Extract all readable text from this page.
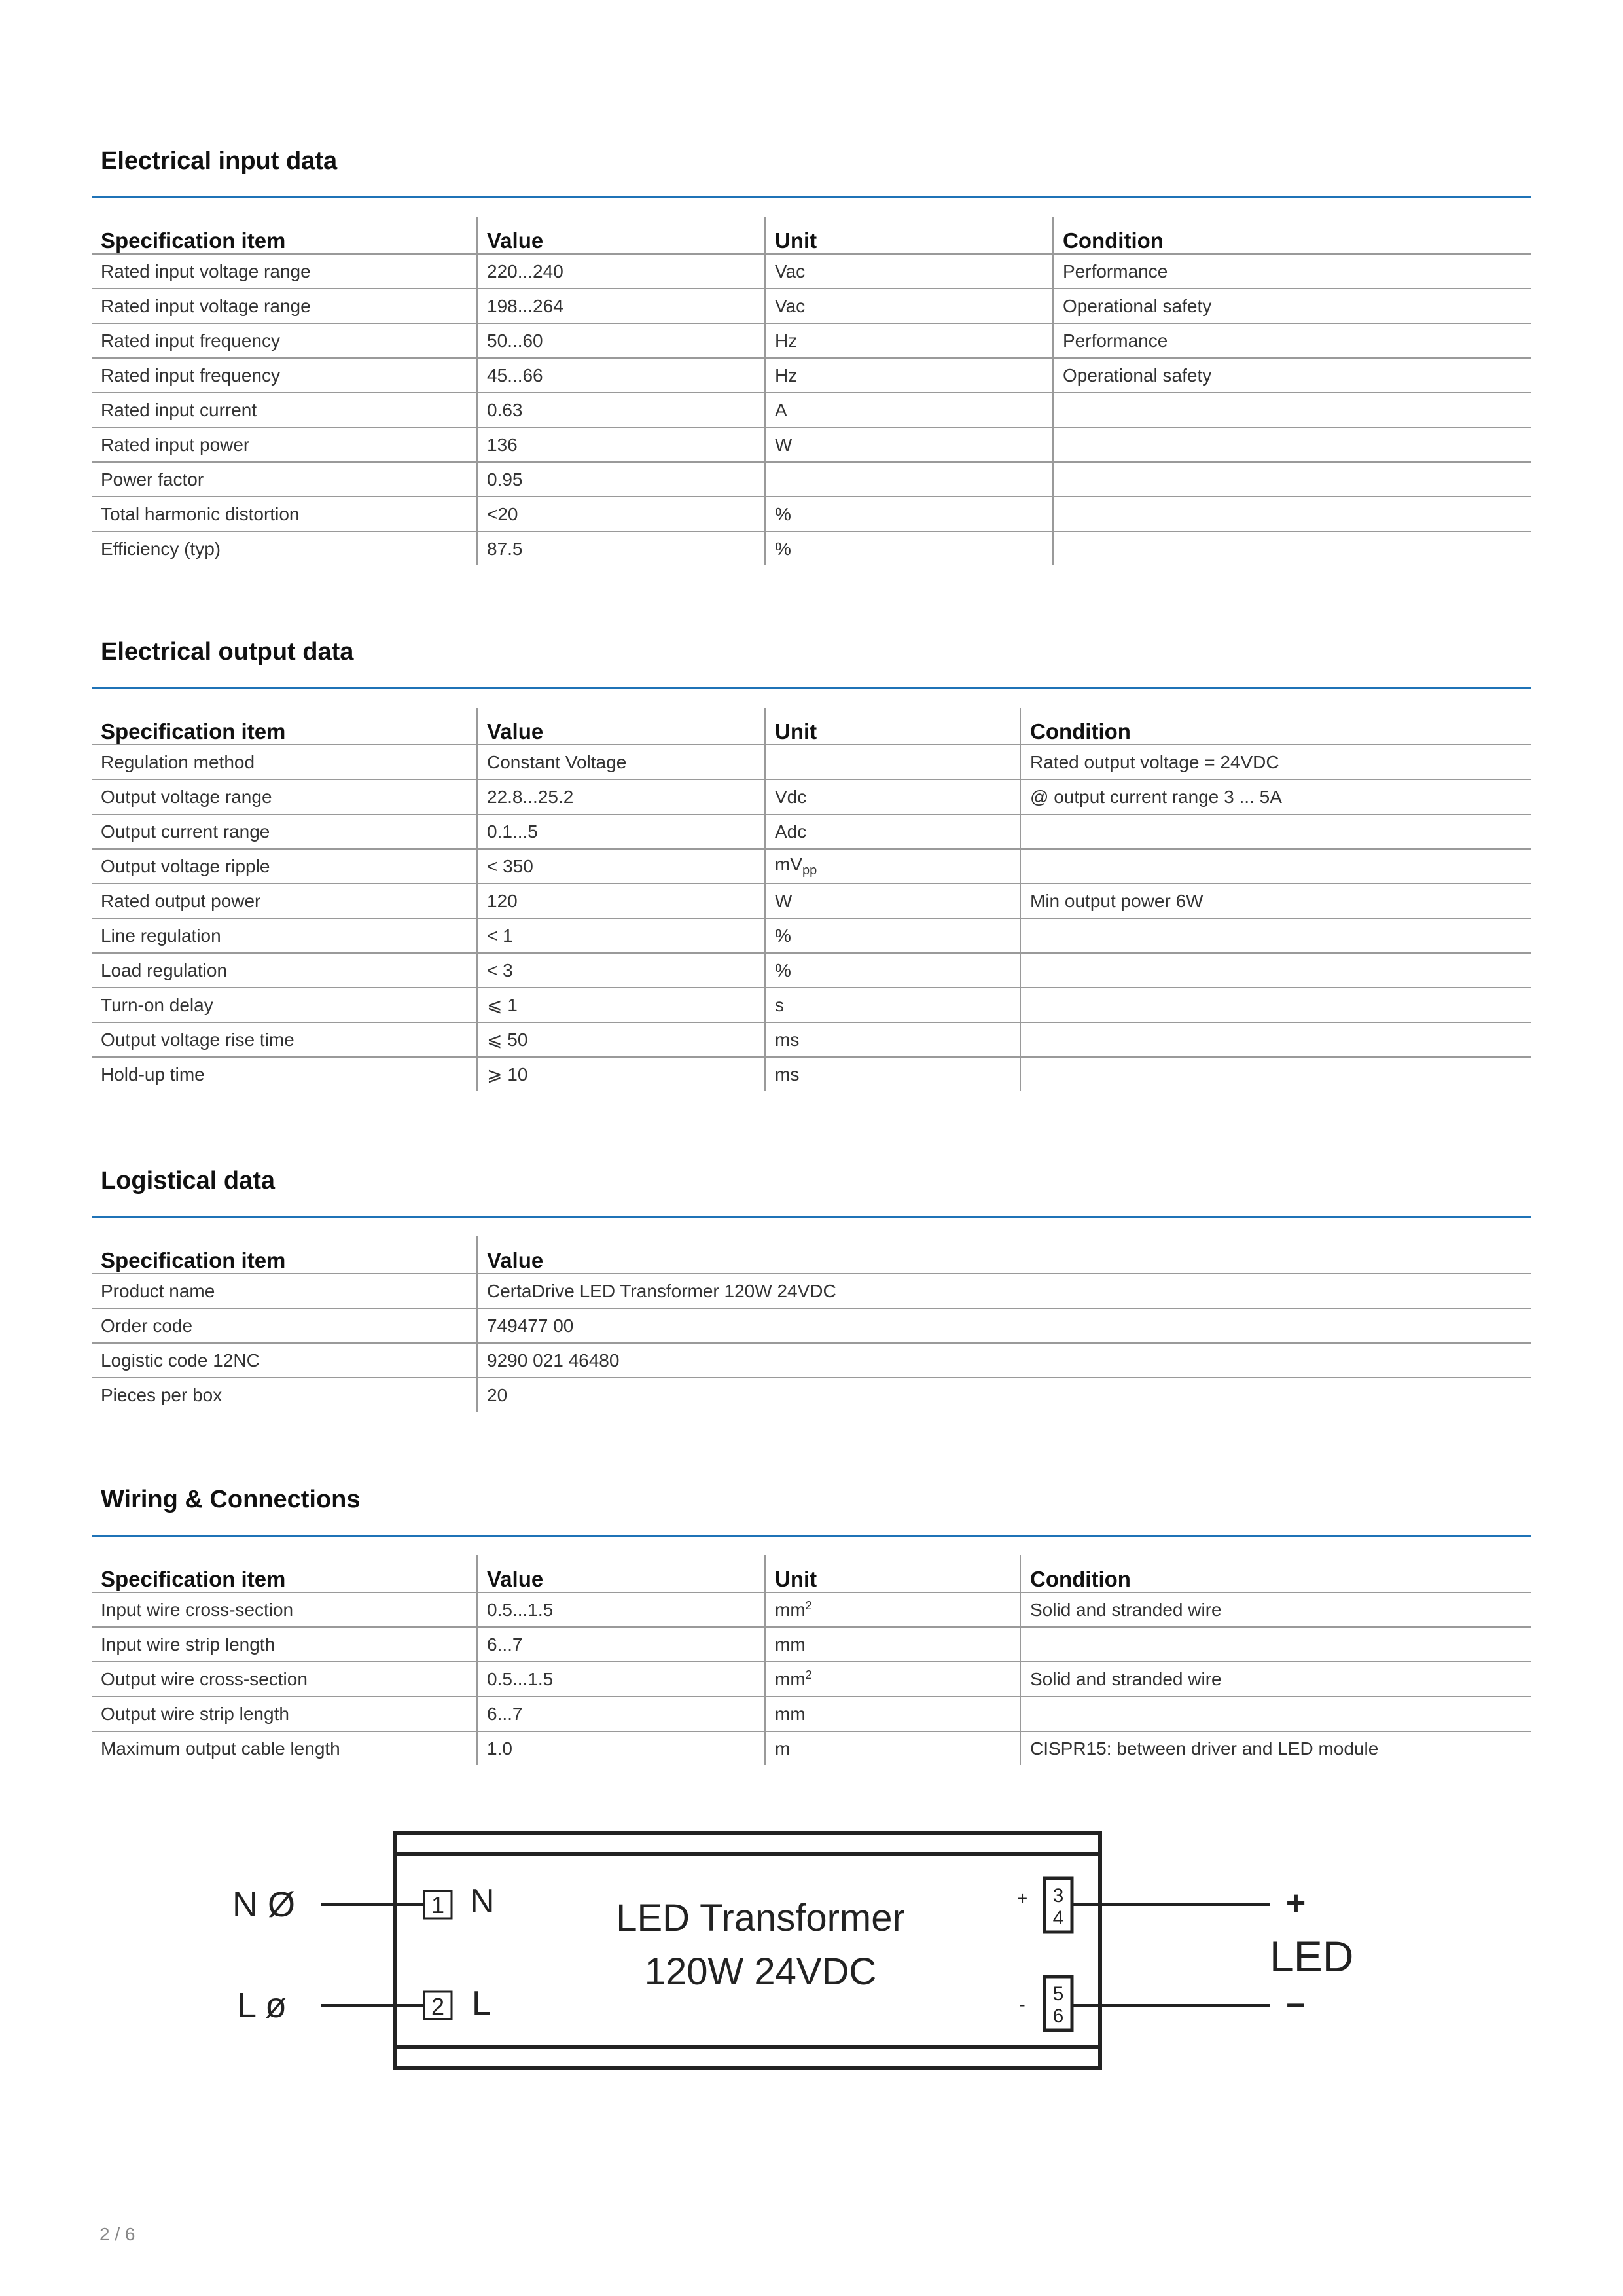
Electrical input data
Specification item	Value	Unit	Condition
Rated input voltage range	220...240	Vac	Performance
Rated input voltage range	198...264	Vac	Operational safety
Rated input frequency	50...60	Hz	Performance
Rated input frequency	45...66	Hz	Operational safety
Rated input current	0.63	A	
Rated input power	136	W	
Power factor	0.95		
Total harmonic distortion	<20	%	
Efficiency (typ)	87.5	%	
Electrical output data
Specification item	Value	Unit	Condition
Regulation method	Constant Voltage		Rated output voltage = 24VDC
Output voltage range	22.8...25.2	Vdc	@ output current range 3 ... 5A
Output current range	0.1...5	Adc	
Output voltage ripple	< 350	$mV_{pp}$	
Rated output power	120	W	Min output power 6W
Line regulation	< 1	%	
Load regulation	< 3	%	
Turn-on delay	⩽ 1	s	
Output voltage rise time	⩽ 50	ms	
Hold-up time	⩾ 10	ms	
Logistical data
Specification item	Value
Product name	CertaDrive LED Transformer 120W 24VDC
Order code	749477 00
Logistic code 12NC	9290 021 46480
Pieces per box	20
Wiring & Connections
Specification item	Value	Unit	Condition
Input wire cross-section	0.5...1.5	$mm^2$	Solid and stranded wire
Input wire strip length	6...7	mm	
Output wire cross-section	0.5...1.5	$mm^2$	Solid and stranded wire
Output wire strip length	6...7	mm	
Maximum output cable length	1.0	m	CISPR15: between driver and LED module
N Ø
L ø
1
2
N
L
LED Transformer
120W 24VDC
+
-
3
4
5
6
+
LED
–
2 / 6
